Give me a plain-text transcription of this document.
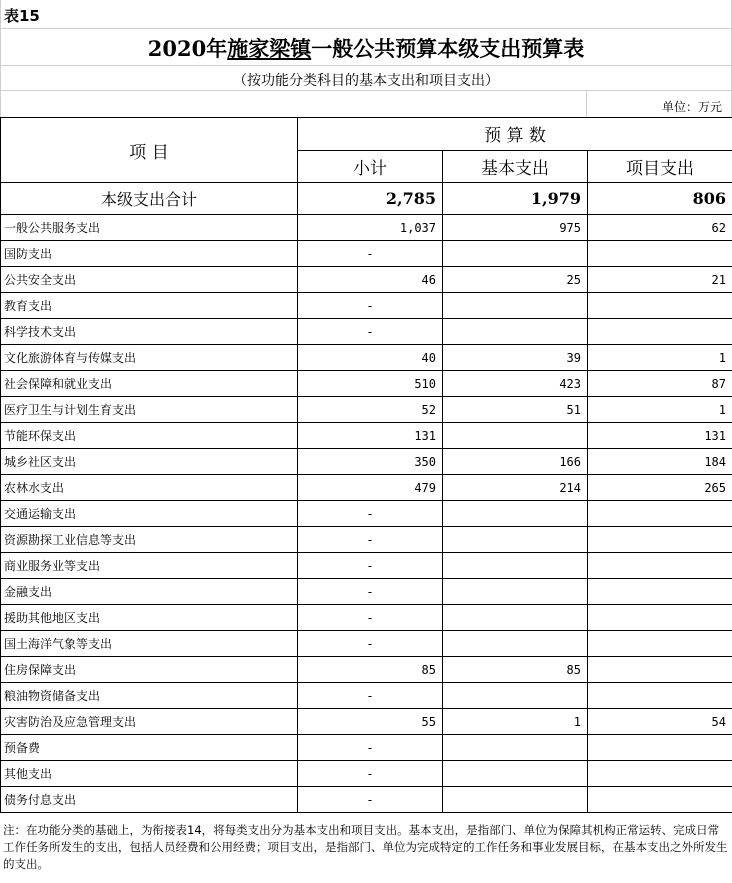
表15
2020年施家梁镇一般公共预算本级支出预算表
（按功能分类科目的基本支出和项目支出）
单位：万元
项 目	预 算 数		
	小计	基本支出	项目支出
本级支出合计	2,785	1,979	806
一般公共服务支出	1,037	975	62
国防支出	-		
公共安全支出	46	25	21
教育支出	-		
科学技术支出	-		
文化旅游体育与传媒支出	40	39	1
社会保障和就业支出	510	423	87
医疗卫生与计划生育支出	52	51	1
节能环保支出	131		131
城乡社区支出	350	166	184
农林水支出	479	214	265
交通运输支出	-		
资源勘探工业信息等支出	-		
商业服务业等支出	-		
金融支出	-		
援助其他地区支出	-		
国土海洋气象等支出	-		
住房保障支出	85	85	
粮油物资储备支出	-		
灾害防治及应急管理支出	55	1	54
预备费	-		
其他支出	-		
债务付息支出	-		
注：在功能分类的基础上，为衔接表14，将每类支出分为基本支出和项目支出。基本支出，是指部门、单位为保障其机构正常运转、完成日常工作任务所发生的支出，包括人员经费和公用经费；项目支出，是指部门、单位为完成特定的工作任务和事业发展目标，在基本支出之外所发生的支出。
